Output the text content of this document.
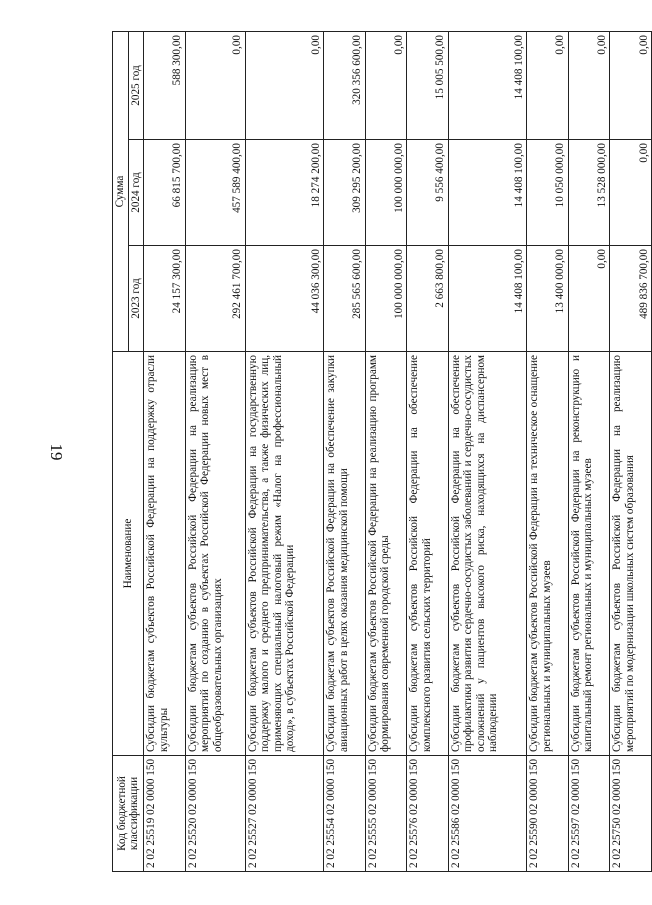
19
Код бюджетной классификации	Наименование	Сумма		
		2023 год	2024 год	2025 год
2 02 25519 02 0000 150	Субсидии бюджетам субъектов Российской Федерации на поддержку отрасли культуры	24 157 300,00	66 815 700,00	588 300,00
2 02 25520 02 0000 150	Субсидии бюджетам субъектов Российской Федерации на реализацию мероприятий по созданию в субъектах Российской Федерации новых мест в общеобразовательных организациях	292 461 700,00	457 589 400,00	0,00
2 02 25527 02 0000 150	Субсидии бюджетам субъектов Российской Федерации на государственную поддержку малого и среднего предпринимательства, а также физических лиц, применяющих специальный налоговый режим «Налог на профессиональный доход», в субъектах Российской Федерации	44 036 300,00	18 274 200,00	0,00
2 02 25554 02 0000 150	Субсидии бюджетам субъектов Российской Федерации на обеспечение закупки авиационных работ в целях оказания медицинской помощи	285 565 600,00	309 295 200,00	320 356 600,00
2 02 25555 02 0000 150	Субсидии бюджетам субъектов Российской Федерации на реализацию программ формирования современной городской среды	100 000 000,00	100 000 000,00	0,00
2 02 25576 02 0000 150	Субсидии бюджетам субъектов Российской Федерации на обеспечение комплексного развития сельских территорий	2 663 800,00	9 556 400,00	15 005 500,00
2 02 25586 02 0000 150	Субсидии бюджетам субъектов Российской Федерации на обеспечение профилактики развития сердечно-сосудистых заболеваний и сердечно-сосудистых осложнений у пациентов высокого риска, находящихся на диспансерном наблюдении	14 408 100,00	14 408 100,00	14 408 100,00
2 02 25590 02 0000 150	Субсидии бюджетам субъектов Российской Федерации на техническое оснащение региональных и муниципальных музеев	13 400 000,00	10 050 000,00	0,00
2 02 25597 02 0000 150	Субсидии бюджетам субъектов Российской Федерации на реконструкцию и капитальный ремонт региональных и муниципальных музеев	0,00	13 528 000,00	0,00
2 02 25750 02 0000 150	Субсидии бюджетам субъектов Российской Федерации на реализацию мероприятий по модернизации школьных систем образования	489 836 700,00	0,00	0,00
